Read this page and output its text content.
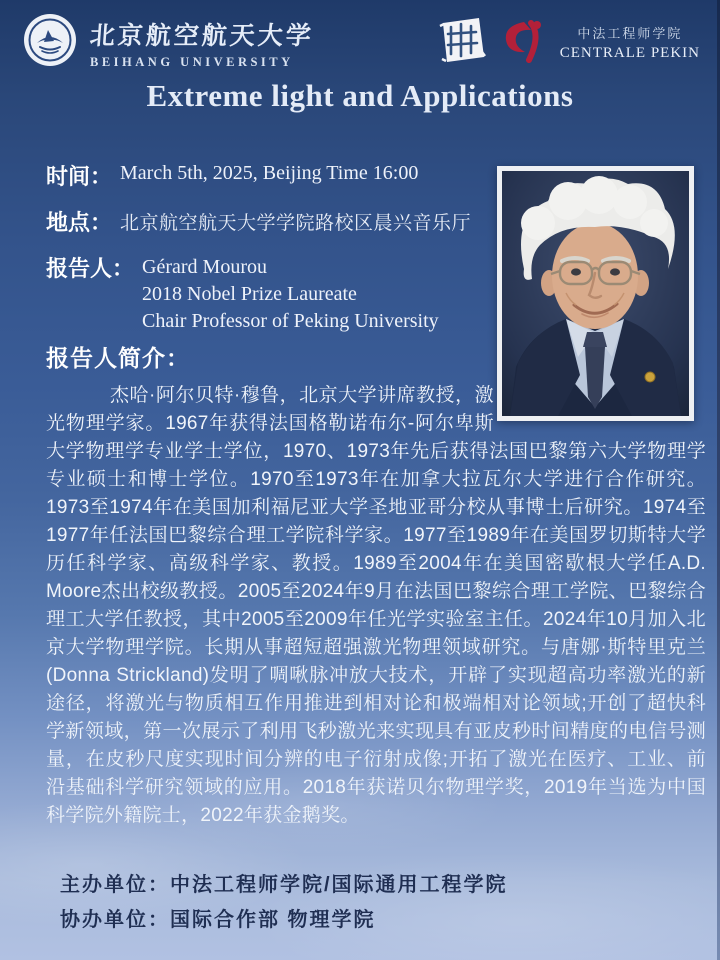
北京航空航天大学
BEIHANG UNIVERSITY
中法工程师学院
CENTRALE PEKIN
Extreme light and Applications
时间： March 5th, 2025, Beijing Time 16:00
地点： 北京航空航天大学学院路校区晨兴音乐厅
报告人： Gérard Mourou
2018 Nobel Prize Laureate
Chair Professor of Peking University
报告人简介：

杰哈·阿尔贝特·穆鲁，北京大学讲席教授，激光物理学家。1967年获得法国格勒诺布尔-阿尔卑斯大学物理学专业学士学位，1970、1973年先后获得法国巴黎第六大学物理学专业硕士和博士学位。1970至1973年在加拿大拉瓦尔大学进行合作研究。1973至1974年在美国加利福尼亚大学圣地亚哥分校从事博士后研究。1974至1977年任法国巴黎综合理工学院科学家。1977至1989年在美国罗切斯特大学历任科学家、高级科学家、教授。1989至2004年在美国密歇根大学任A.D. Moore杰出校级教授。2005至2024年9月在法国巴黎综合理工学院、巴黎综合理工大学任教授，其中2005至2009年任光学实验室主任。2024年10月加入北京大学物理学院。长期从事超短超强激光物理领域研究。与唐娜·斯特里克兰(Donna Strickland)发明了啁啾脉冲放大技术，开辟了实现超高功率激光的新途径，将激光与物质相互作用推进到相对论和极端相对论领域;开创了超快科学新领域，第一次展示了利用飞秒激光来实现具有亚皮秒时间精度的电信号测量，在皮秒尺度实现时间分辨的电子衍射成像;开拓了激光在医疗、工业、前沿基础科学研究领域的应用。2018年获诺贝尔物理学奖，2019年当选为中国科学院外籍院士，2022年获金鹅奖。

主办单位：中法工程师学院/国际通用工程学院
协办单位：国际合作部 物理学院
